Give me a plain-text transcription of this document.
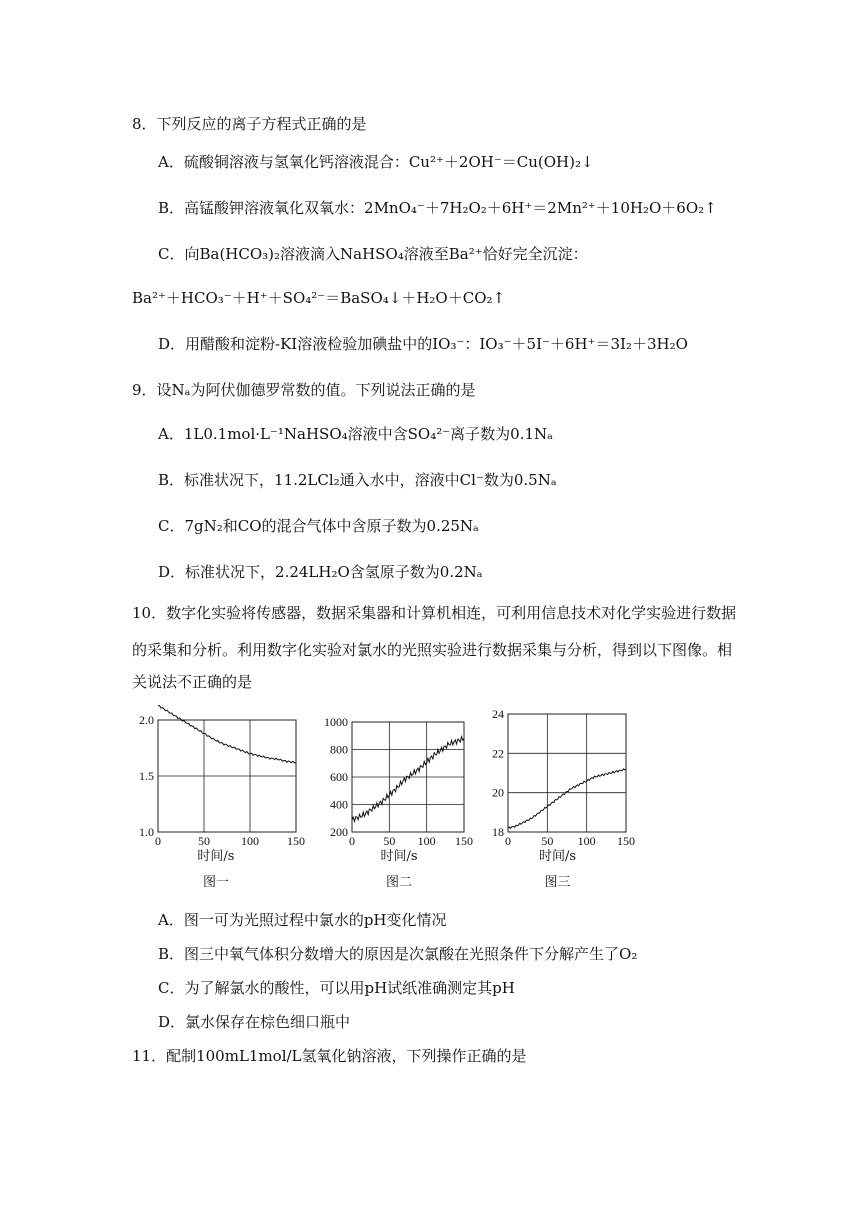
8．下列反应的离子方程式正确的是
A．硫酸铜溶液与氢氧化钙溶液混合：Cu²⁺＋2OH⁻＝Cu(OH)₂↓
B．高锰酸钾溶液氧化双氧水：2MnO₄⁻＋7H₂O₂＋6H⁺＝2Mn²⁺＋10H₂O＋6O₂↑
C．向Ba(HCO₃)₂溶液滴入NaHSO₄溶液至Ba²⁺恰好完全沉淀：
Ba²⁺＋HCO₃⁻＋H⁺＋SO₄²⁻＝BaSO₄↓＋H₂O＋CO₂↑
D．用醋酸和淀粉-KI溶液检验加碘盐中的IO₃⁻：IO₃⁻＋5I⁻＋6H⁺＝3I₂＋3H₂O
9．设Nₐ为阿伏伽德罗常数的值。下列说法正确的是
A．1L0.1mol·L⁻¹NaHSO₄溶液中含SO₄²⁻离子数为0.1Nₐ
B．标准状况下，11.2LCl₂通入水中，溶液中Cl⁻数为0.5Nₐ
C．7gN₂和CO的混合气体中含原子数为0.25Nₐ
D．标准状况下，2.24LH₂O含氢原子数为0.2Nₐ
10．数字化实验将传感器，数据采集器和计算机相连，可利用信息技术对化学实验进行数据
的采集和分析。利用数字化实验对氯水的光照实验进行数据采集与分析，得到以下图像。相
关说法不正确的是
0	50	100 150
1.0
1.5
2.0
时间/s
图一
0 50 100 150
200
400
600
800
1000
时间/s
图二
0	50 100 150
18
20
22
24
时间/s
图三
A．图一可为光照过程中氯水的pH变化情况
B．图三中氧气体积分数增大的原因是次氯酸在光照条件下分解产生了O₂
C．为了解氯水的酸性，可以用pH试纸准确测定其pH
D．氯水保存在棕色细口瓶中
11．配制100mL1mol/L氢氧化钠溶液，下列操作正确的是
